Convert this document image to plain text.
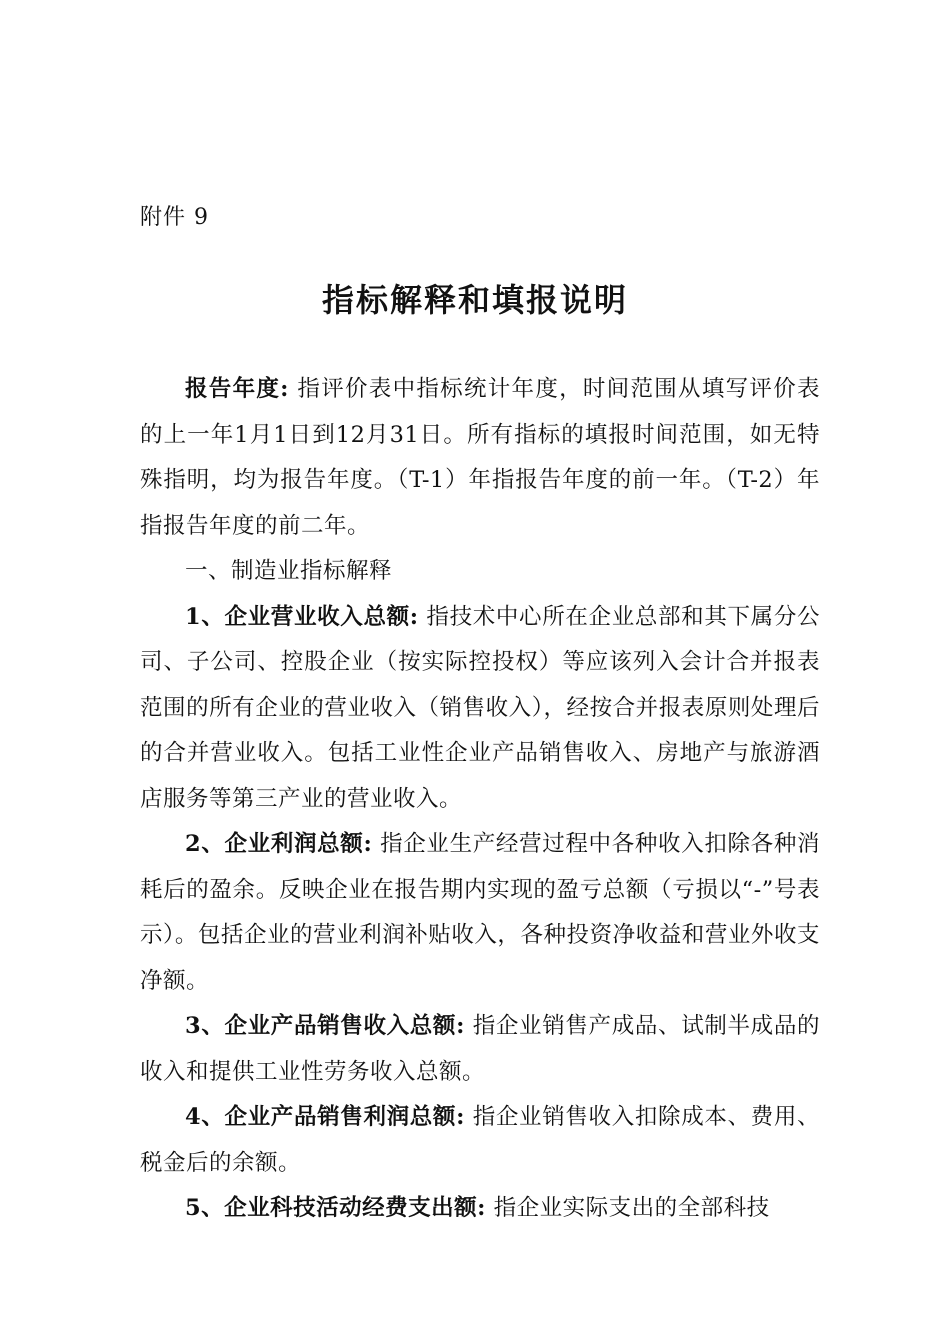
附件 9
指标解释和填报说明

报告年度: 指评价表中指标统计年度，时间范围从填写评价表的上一年1月1日到12月31日。所有指标的填报时间范围，如无特殊指明，均为报告年度。（T-1）年指报告年度的前一年。（T-2）年指报告年度的前二年。

一、制造业指标解释

1、企业营业收入总额: 指技术中心所在企业总部和其下属分公司、子公司、控股企业（按实际控投权）等应该列入会计合并报表范围的所有企业的营业收入（销售收入），经按合并报表原则处理后的合并营业收入。包括工业性企业产品销售收入、房地产与旅游酒店服务等第三产业的营业收入。

2、企业利润总额: 指企业生产经营过程中各种收入扣除各种消耗后的盈余。反映企业在报告期内实现的盈亏总额（亏损以“-”号表示）。包括企业的营业利润补贴收入，各种投资净收益和营业外收支净额。

3、企业产品销售收入总额: 指企业销售产成品、试制半成品的收入和提供工业性劳务收入总额。

4、企业产品销售利润总额: 指企业销售收入扣除成本、费用、税金后的余额。

5、企业科技活动经费支出额: 指企业实际支出的全部科技
